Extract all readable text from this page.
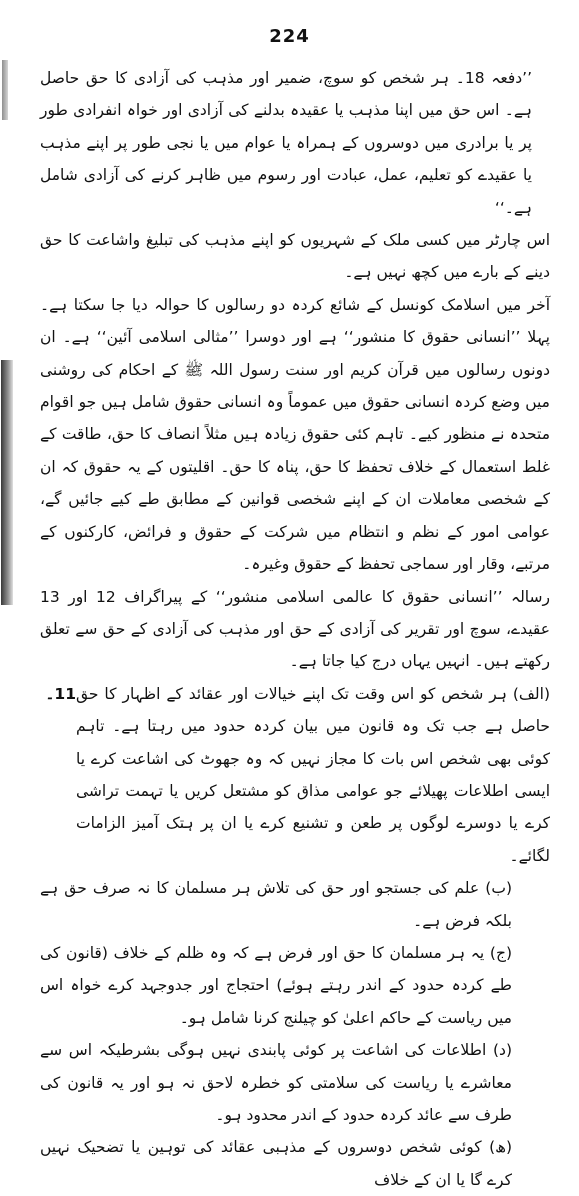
224

’’دفعہ 18۔ ہر شخص کو سوچ، ضمیر اور مذہب کی آزادی کا حق حاصل ہے۔ اس حق میں اپنا مذہب یا عقیدہ بدلنے کی آزادی اور خواہ انفرادی طور پر یا برادری میں دوسروں کے ہمراہ یا عوام میں یا نجی طور پر اپنے مذہب یا عقیدے کو تعلیم، عمل، عبادت اور رسوم میں ظاہر کرنے کی آزادی شامل ہے۔‘‘

اس چارٹر میں کسی ملک کے شہریوں کو اپنے مذہب کی تبلیغ واشاعت کا حق دینے کے بارے میں کچھ نہیں ہے۔

آخر میں اسلامک کونسل کے شائع کردہ دو رسالوں کا حوالہ دیا جا سکتا ہے۔ پہلا ’’انسانی حقوق کا منشور‘‘ ہے اور دوسرا ’’مثالی اسلامی آئین‘‘ ہے۔ ان دونوں رسالوں میں قرآن کریم اور سنت رسول اللہ ﷺ کے احکام کی روشنی میں وضع کردہ انسانی حقوق میں عموماً وہ انسانی حقوق شامل ہیں جو اقوام متحدہ نے منظور کیے۔ تاہم کئی حقوق زیادہ ہیں مثلاً انصاف کا حق، طاقت کے غلط استعمال کے خلاف تحفظ کا حق، پناہ کا حق۔ اقلیتوں کے یہ حقوق کہ ان کے شخصی معاملات ان کے اپنے شخصی قوانین کے مطابق طے کیے جائیں گے، عوامی امور کے نظم و انتظام میں شرکت کے حقوق و فرائض، کارکنوں کے مرتبے، وقار اور سماجی تحفظ کے حقوق وغیرہ۔

رسالہ ’’انسانی حقوق کا عالمی اسلامی منشور‘‘ کے پیراگراف 12 اور 13 عقیدے، سوچ اور تقریر کی آزادی کے حق اور مذہب کی آزادی کے حق سے تعلق رکھتے ہیں۔ انہیں یہاں درج کیا جاتا ہے۔

(الف) ہر شخص کو اس وقت تک اپنے خیالات اور عقائد کے اظہار کا حق حاصل ہے جب تک وہ قانون میں بیان کردہ حدود میں رہتا ہے۔ تاہم کوئی بھی شخص اس بات کا مجاز نہیں کہ وہ جھوٹ کی اشاعت کرے یا ایسی اطلاعات پھیلائے جو عوامی مذاق کو مشتعل کریں یا تہمت تراشی کرے یا دوسرے لوگوں پر طعن و تشنیع کرے یا ان پر ہتک آمیز الزامات لگائے۔

11۔

(ب) علم کی جستجو اور حق کی تلاش ہر مسلمان کا نہ صرف حق ہے بلکہ فرض ہے۔

(ج) یہ ہر مسلمان کا حق اور فرض ہے کہ وہ ظلم کے خلاف (قانون کی طے کردہ حدود کے اندر رہتے ہوئے) احتجاج اور جدوجہد کرے خواہ اس میں ریاست کے حاکم اعلیٰ کو چیلنج کرنا شامل ہو۔

(د) اطلاعات کی اشاعت پر کوئی پابندی نہیں ہوگی بشرطیکہ اس سے معاشرے یا ریاست کی سلامتی کو خطرہ لاحق نہ ہو اور یہ قانون کی طرف سے عائد کردہ حدود کے اندر محدود ہو۔

(ھ) کوئی شخص دوسروں کے مذہبی عقائد کی توہین یا تضحیک نہیں کرے گا یا ان کے خلاف
